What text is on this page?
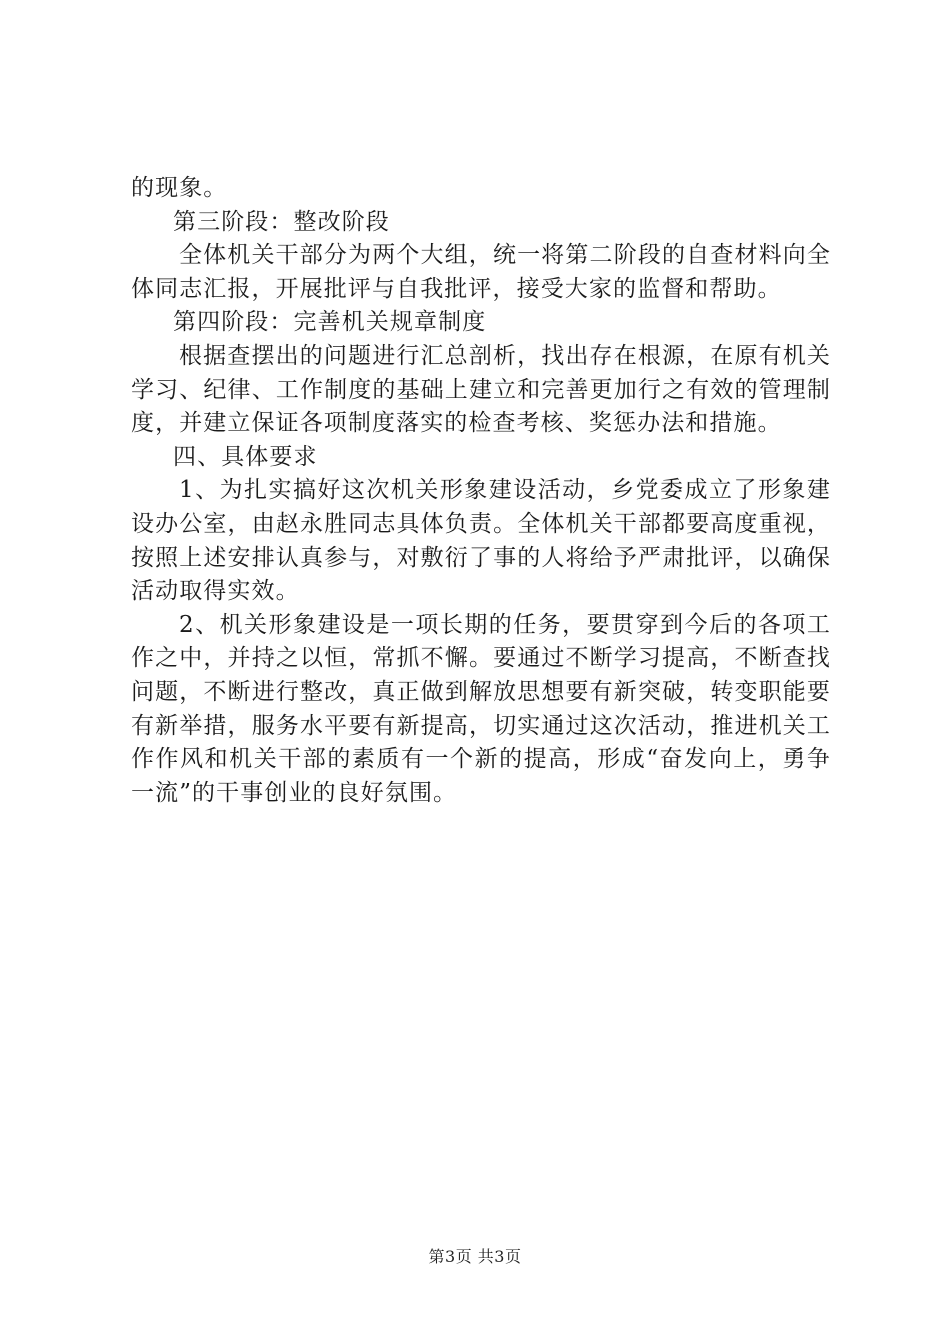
的现象。

第三阶段：整改阶段

全体机关干部分为两个大组，统一将第二阶段的自查材料向全体同志汇报，开展批评与自我批评，接受大家的监督和帮助。

第四阶段：完善机关规章制度

根据查摆出的问题进行汇总剖析，找出存在根源，在原有机关学习、纪律、工作制度的基础上建立和完善更加行之有效的管理制度，并建立保证各项制度落实的检查考核、奖惩办法和措施。

四、具体要求

1、为扎实搞好这次机关形象建设活动，乡党委成立了形象建设办公室，由赵永胜同志具体负责。全体机关干部都要高度重视，按照上述安排认真参与，对敷衍了事的人将给予严肃批评，以确保活动取得实效。

2、机关形象建设是一项长期的任务，要贯穿到今后的各项工作之中，并持之以恒，常抓不懈。要通过不断学习提高，不断查找问题，不断进行整改，真正做到解放思想要有新突破，转变职能要有新举措，服务水平要有新提高，切实通过这次活动，推进机关工作作风和机关干部的素质有一个新的提高，形成“奋发向上，勇争一流”的干事创业的良好氛围。

第3页 共3页
